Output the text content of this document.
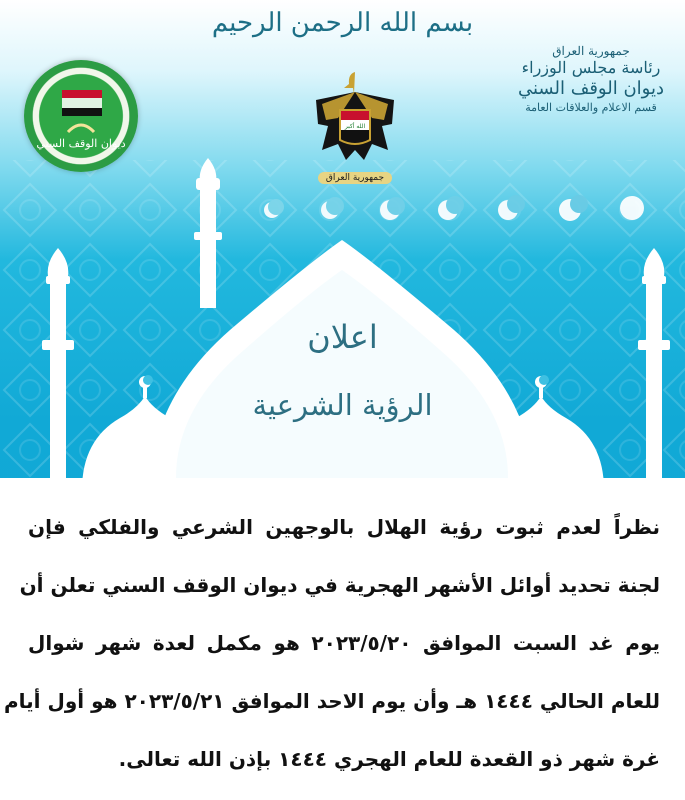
بسم الله الرحمن الرحيم
ديوان الوقف السني
الله أكبر
جمهورية العراق
جمهورية العراق
رئاسة مجلس الوزراء
ديوان الوقف السني
قسم الاعلام والعلاقات العامة
اعلان
الرؤية الشرعية
نظراً لعدم ثبوت رؤية الهلال بالوجهين الشرعي والفلكي فإن
لجنة تحديد أوائل الأشهر الهجرية في ديوان الوقف السني تعلن أن
يوم غد السبت الموافق ٢٠٢٣/٥/٢٠ هو مكمل لعدة شهر شوال
للعام الحالي ١٤٤٤ هـ وأن يوم الاحد الموافق ٢٠٢٣/٥/٢١ هو أول أيام
غرة شهر ذو القعدة للعام الهجري ١٤٤٤ بإذن الله تعالى.
